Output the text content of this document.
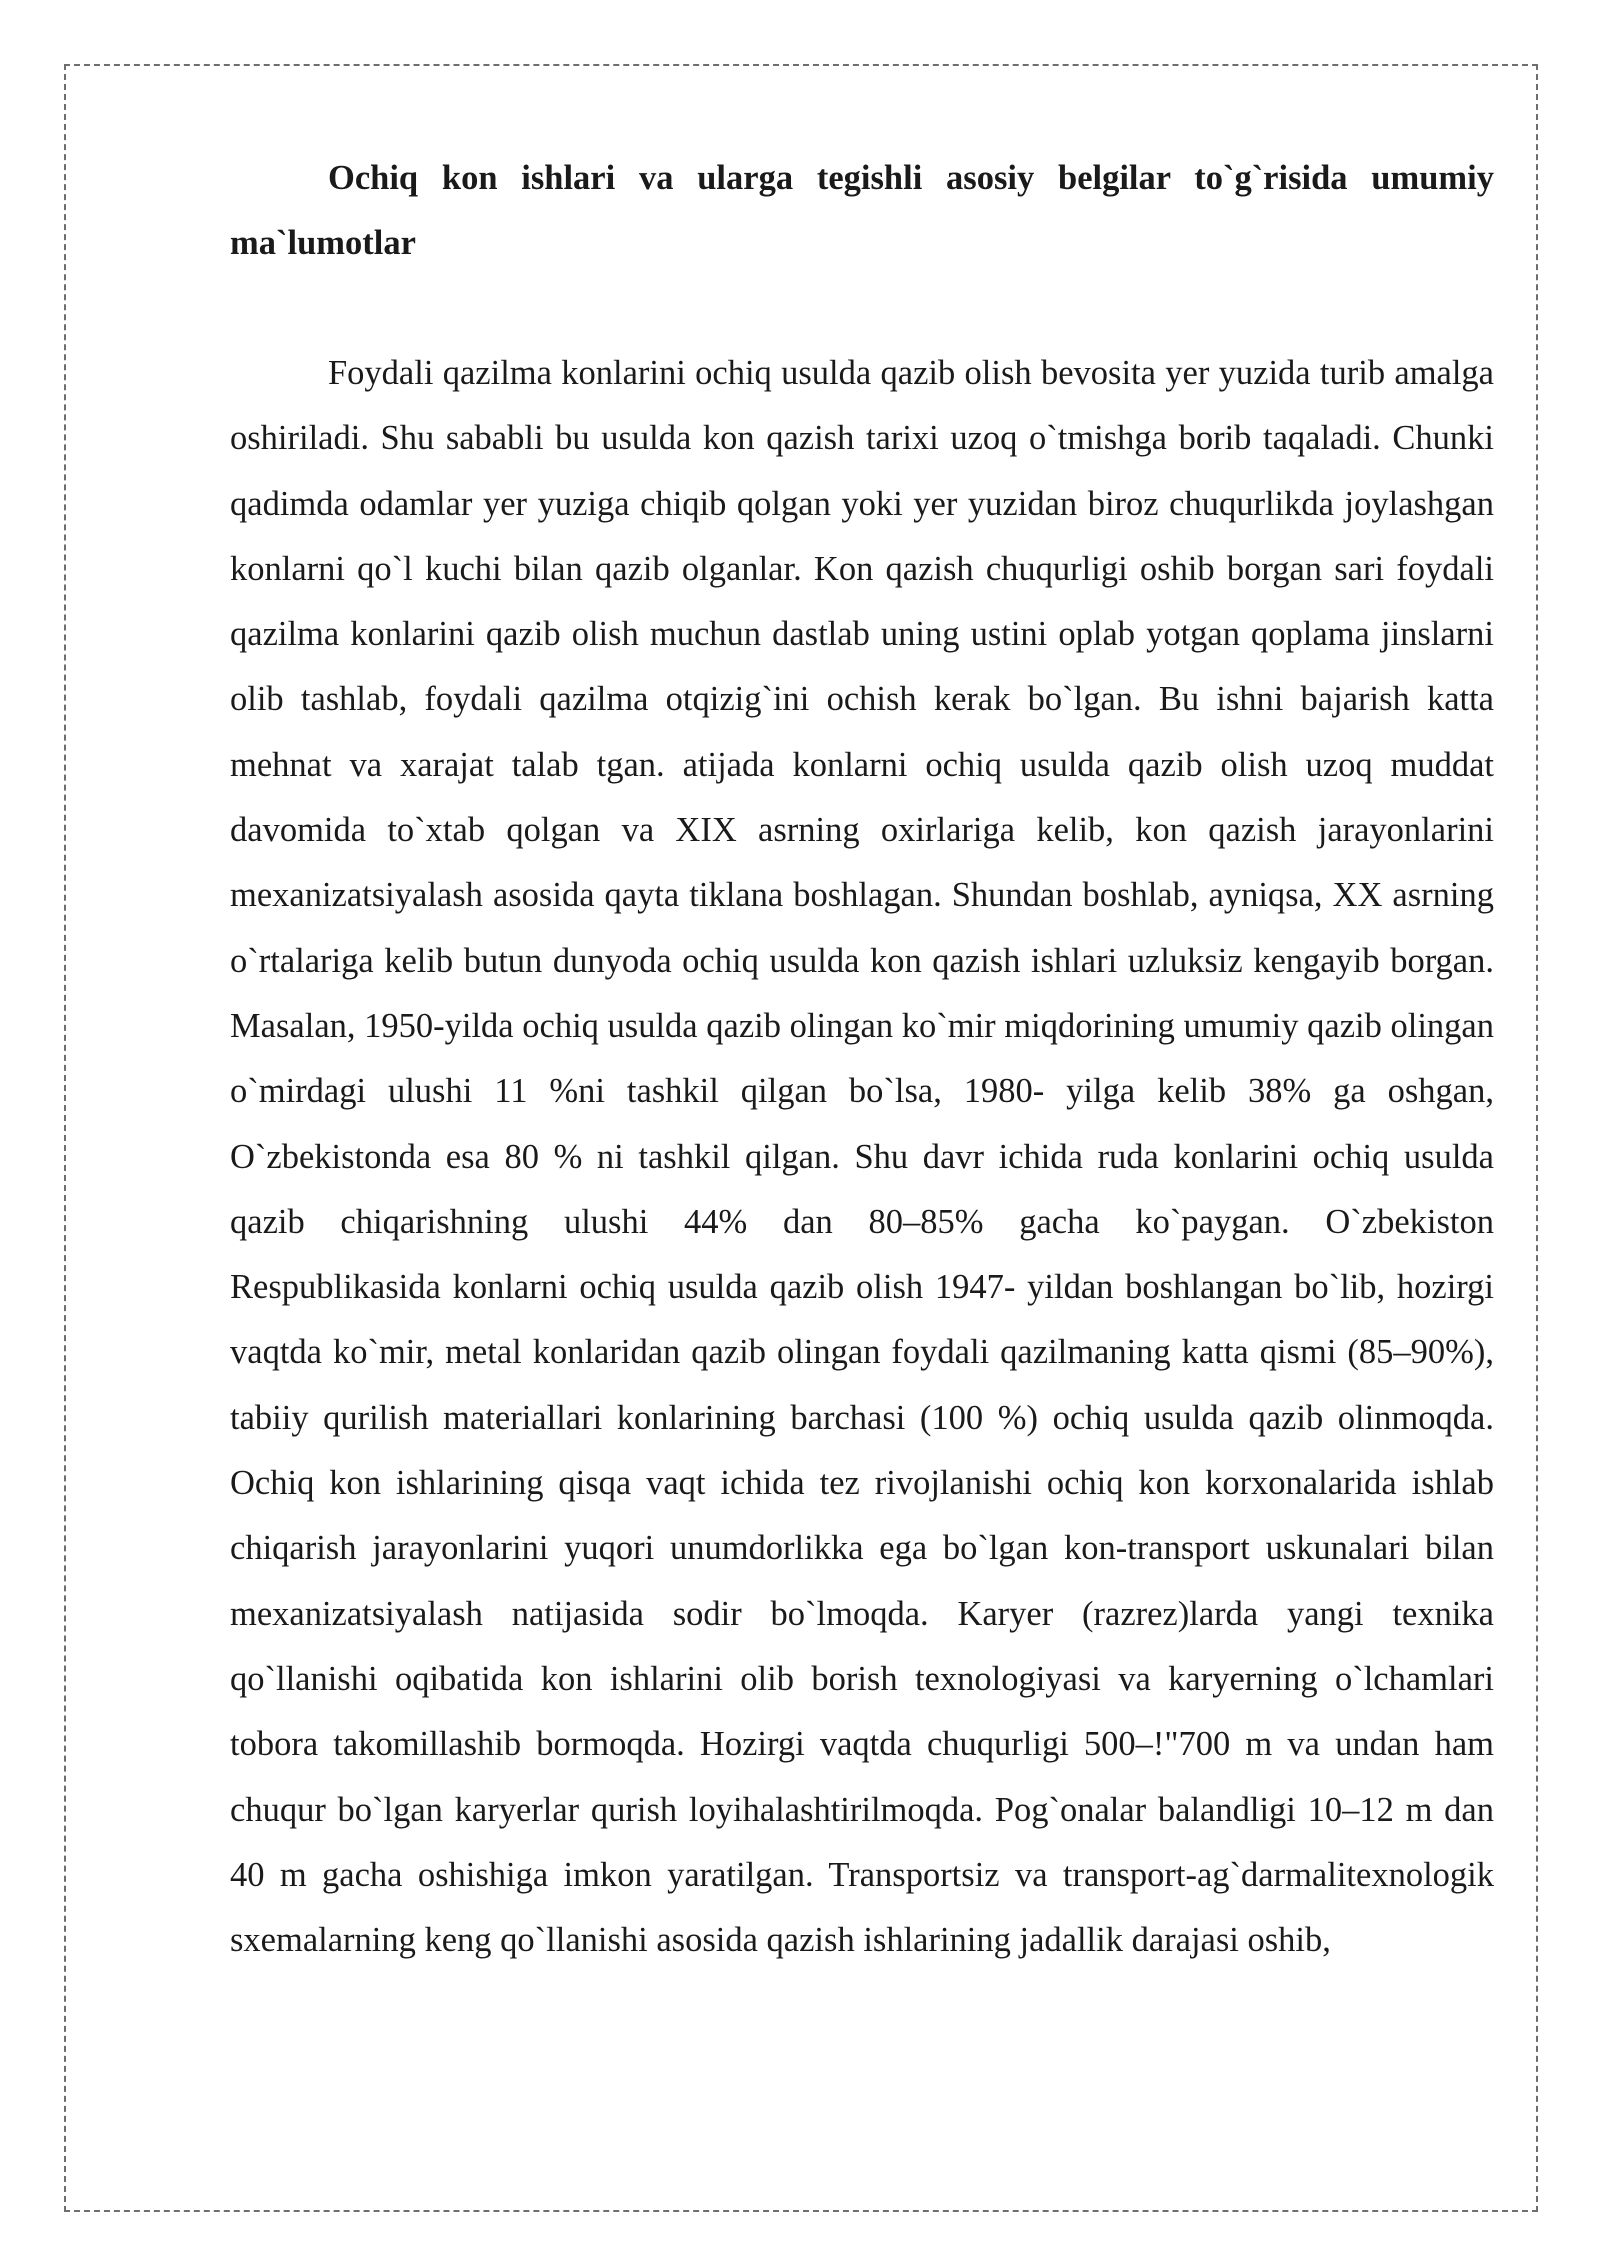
Ochiq kon ishlari va ularga tegishli asosiy belgilar to`g`risida umumiy ma`lumotlar

Foydali qazilma konlarini ochiq usulda qazib olish bevosita yer yuzida turib amalga oshiriladi. Shu sababli bu usulda kon qazish tarixi uzoq o`tmishga borib taqaladi. Chunki qadimda odamlar yer yuziga chiqib qolgan yoki yer yuzidan biroz chuqurlikda joylashgan konlarni qo`l kuchi bilan qazib olganlar. Kon qazish chuqurligi oshib borgan sari foydali qazilma konlarini qazib olish muchun dastlab uning ustini oplab yotgan qoplama jinslarni olib tashlab, foydali qazilma otqizig`ini ochish kerak bo`lgan. Bu ishni bajarish katta mehnat va xarajat talab tgan. atijada konlarni ochiq usulda qazib olish uzoq muddat davomida to`xtab qolgan va XIX asrning oxirlariga kelib, kon qazish jarayonlarini mexanizatsiyalash asosida qayta tiklana boshlagan. Shundan boshlab, ayniqsa, XX asrning o`rtalariga kelib butun dunyoda ochiq usulda kon qazish ishlari uzluksiz kengayib borgan. Masalan, 1950-yilda ochiq usulda qazib olingan ko`mir miqdorining umumiy qazib olingan o`mirdagi ulushi 11 %ni tashkil qilgan bo`lsa, 1980- yilga kelib 38% ga oshgan, O`zbekistonda esa 80 % ni tashkil qilgan. Shu davr ichida ruda konlarini ochiq usulda qazib chiqarishning ulushi 44% dan 80–85% gacha ko`paygan. O`zbekiston Respublikasida konlarni ochiq usulda qazib olish 1947- yildan boshlangan bo`lib, hozirgi vaqtda ko`mir, metal konlaridan qazib olingan foydali qazilmaning katta qismi (85–90%), tabiiy qurilish materiallari konlarining barchasi (100 %) ochiq usulda qazib olinmoqda. Ochiq kon ishlarining qisqa vaqt ichida tez rivojlanishi ochiq kon korxonalarida ishlab chiqarish jarayonlarini yuqori unumdorlikka ega bo`lgan kon-transport uskunalari bilan mexanizatsiyalash natijasida sodir bo`lmoqda. Karyer (razrez)larda yangi texnika qo`llanishi oqibatida kon ishlarini olib borish texnologiyasi va karyerning o`lchamlari tobora takomillashib bormoqda. Hozirgi vaqtda chuqurligi 500–!"700 m va undan ham chuqur bo`lgan karyerlar qurish loyihalashtirilmoqda. Pog`onalar balandligi 10–12 m dan 40 m gacha oshishiga imkon yaratilgan. Transportsiz va transport-ag`darmalitexnologik sxemalarning keng qo`llanishi asosida qazish ishlarining jadallik darajasi oshib,
